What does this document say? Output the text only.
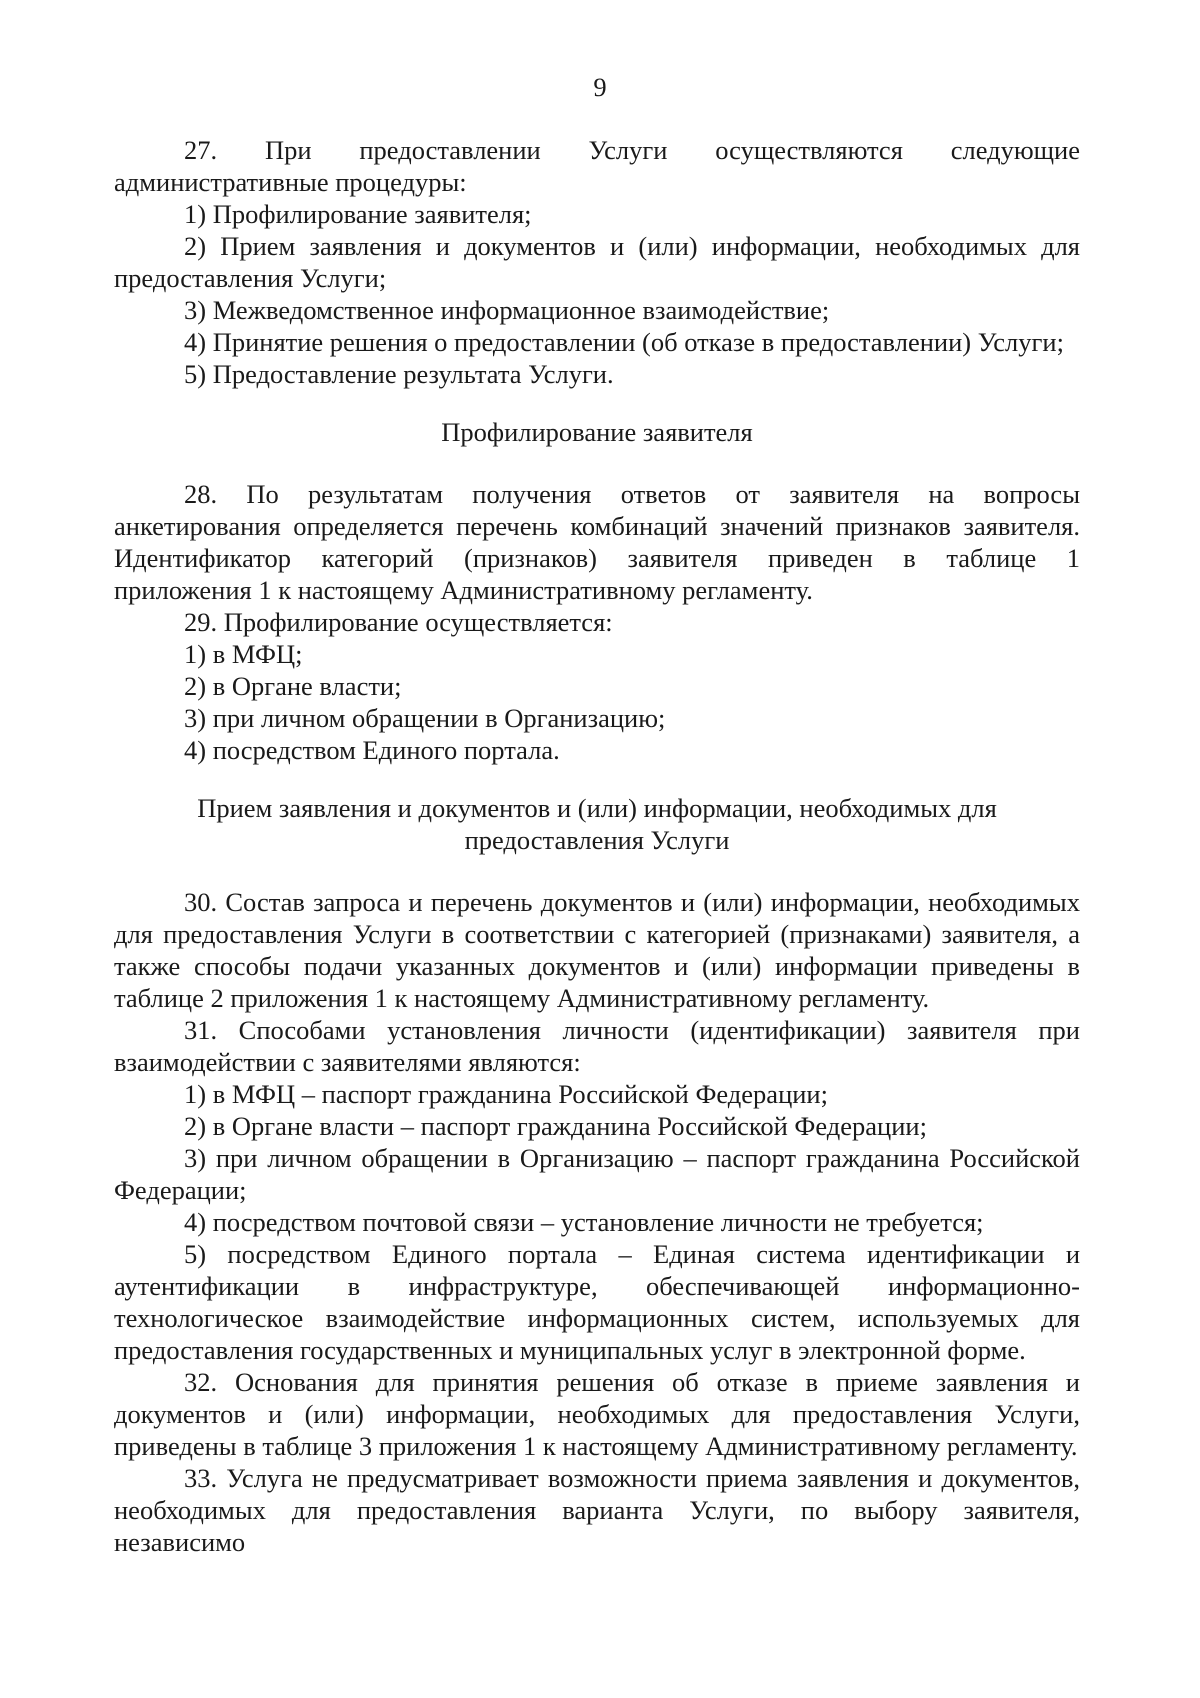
9

27. При предоставлении Услуги осуществляются следующие

административные процедуры:

1) Профилирование заявителя;

2) Прием заявления и документов и (или) информации, необходимых для

предоставления Услуги;

3) Межведомственное информационное взаимодействие;

4) Принятие решения о предоставлении (об отказе в предоставлении) Услуги;

5) Предоставление результата Услуги.

Профилирование заявителя

28. По результатам получения ответов от заявителя на вопросы

анкетирования определяется перечень комбинаций значений признаков заявителя.

Идентификатор категорий (признаков) заявителя приведен в таблице 1

приложения 1 к настоящему Административному регламенту.

29. Профилирование осуществляется:

1) в МФЦ;

2) в Органе власти;

3) при личном обращении в Организацию;

4) посредством Единого портала.

Прием заявления и документов и (или) информации, необходимых для

предоставления Услуги

30. Состав запроса и перечень документов и (или) информации, необходимых

для предоставления Услуги в соответствии с категорией (признаками) заявителя, а

также способы подачи указанных документов и (или) информации приведены в

таблице 2 приложения 1 к настоящему Административному регламенту.

31. Способами установления личности (идентификации) заявителя при

взаимодействии с заявителями являются:

1) в МФЦ – паспорт гражданина Российской Федерации;

2) в Органе власти – паспорт гражданина Российской Федерации;

3) при личном обращении в Организацию – паспорт гражданина Российской

Федерации;

4) посредством почтовой связи – установление личности не требуется;

5) посредством Единого портала – Единая система идентификации и

аутентификации в инфраструктуре, обеспечивающей информационно-

технологическое взаимодействие информационных систем, используемых для

предоставления государственных и муниципальных услуг в электронной форме.

32. Основания для принятия решения об отказе в приеме заявления и

документов и (или) информации, необходимых для предоставления Услуги,

приведены в таблице 3 приложения 1 к настоящему Административному регламенту.

33. Услуга не предусматривает возможности приема заявления и документов,

необходимых для предоставления варианта Услуги, по выбору заявителя, независимо
